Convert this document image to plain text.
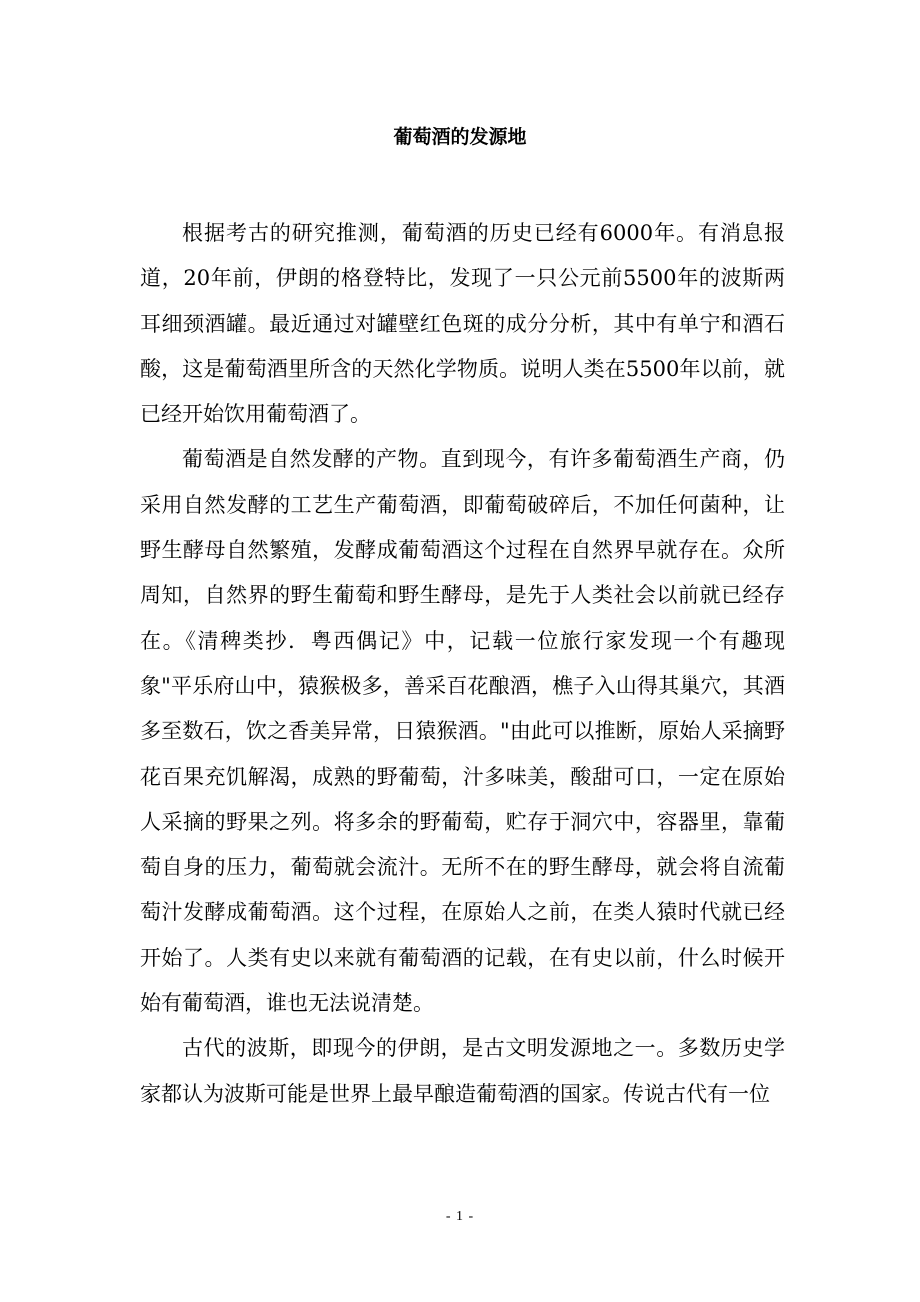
葡萄酒的发源地

根据考古的研究推测，葡萄酒的历史已经有6000年。有消息报道，20年前，伊朗的格登特比，发现了一只公元前5500年的波斯两耳细颈酒罐。最近通过对罐壁红色斑的成分分析，其中有单宁和酒石酸，这是葡萄酒里所含的天然化学物质。说明人类在5500年以前，就已经开始饮用葡萄酒了。

葡萄酒是自然发酵的产物。直到现今，有许多葡萄酒生产商，仍采用自然发酵的工艺生产葡萄酒，即葡萄破碎后，不加任何菌种，让野生酵母自然繁殖，发酵成葡萄酒这个过程在自然界早就存在。众所周知，自然界的野生葡萄和野生酵母，是先于人类社会以前就已经存在。《清稗类抄．粤西偶记》中，记载一位旅行家发现一个有趣现象"平乐府山中，猿猴极多，善采百花酿酒，樵子入山得其巢穴，其酒多至数石，饮之香美异常，日猿猴酒。"由此可以推断，原始人采摘野花百果充饥解渴，成熟的野葡萄，汁多味美，酸甜可口，一定在原始人采摘的野果之列。将多余的野葡萄，贮存于洞穴中，容器里，靠葡萄自身的压力，葡萄就会流汁。无所不在的野生酵母，就会将自流葡萄汁发酵成葡萄酒。这个过程，在原始人之前，在类人猿时代就已经开始了。人类有史以来就有葡萄酒的记载，在有史以前，什么时候开始有葡萄酒，谁也无法说清楚。

古代的波斯，即现今的伊朗，是古文明发源地之一。多数历史学家都认为波斯可能是世界上最早酿造葡萄酒的国家。传说古代有一位

- 1 -
